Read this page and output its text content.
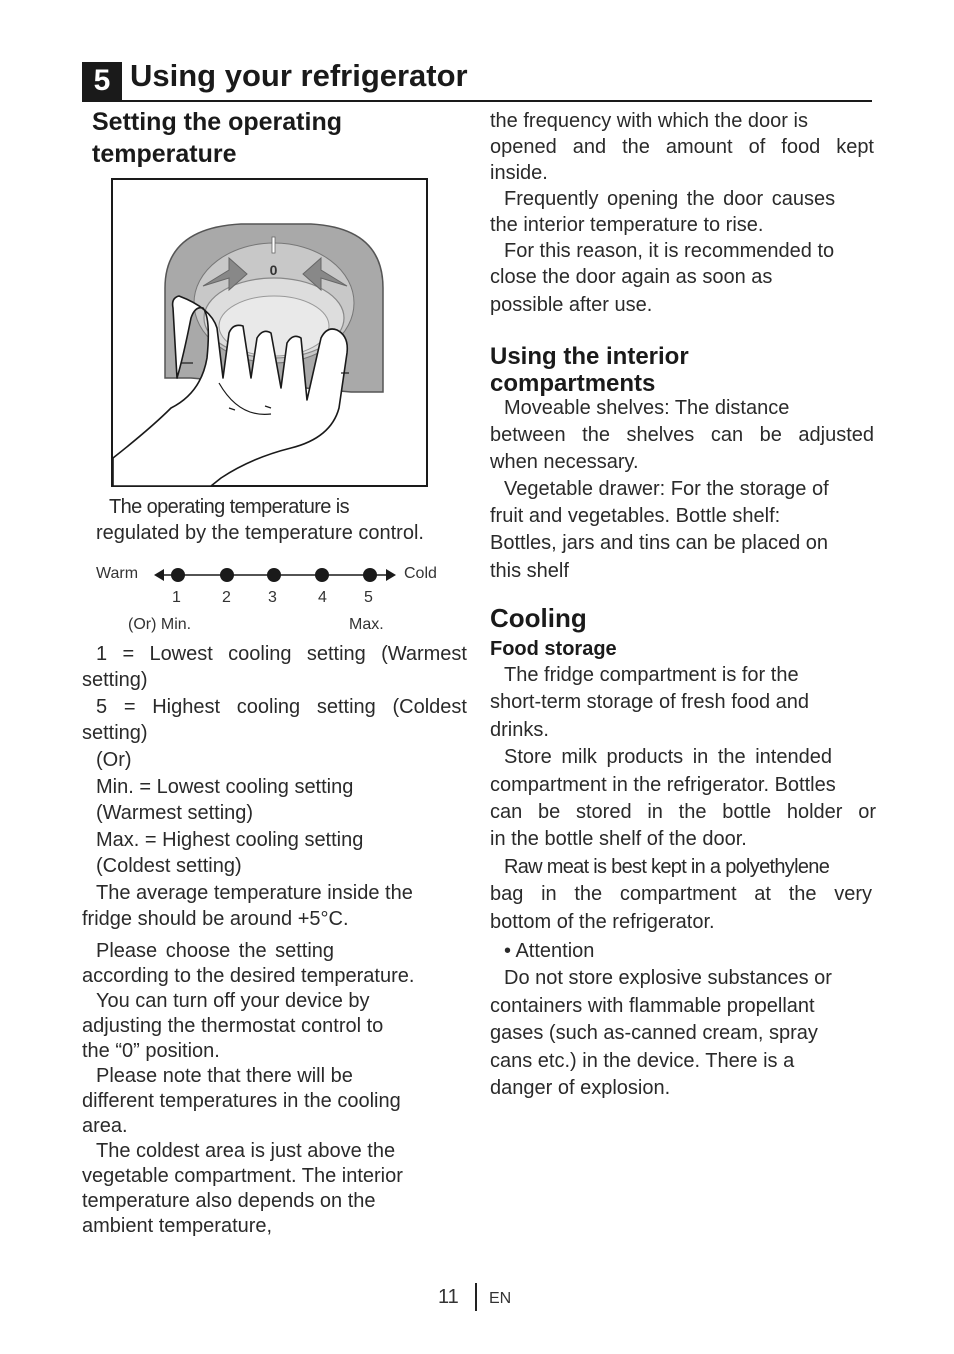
5 Using your refrigerator
Setting the operating
temperature
0
The operating temperature is
regulated by the temperature control.
Warm	Cold
1	2 3	4 5
(Or) Min.	Max.
1 = Lowest cooling setting (Warmest
setting)
5 = Highest cooling setting (Coldest
setting)
(Or)
Min. = Lowest cooling setting
(Warmest setting)
Max. = Highest cooling setting
(Coldest setting)
The average temperature inside the
fridge should be around +5°C.
Please choose the setting
according to the desired temperature.
You can turn off your device by
adjusting the thermostat control to
the “0” position.
Please note that there will be
different temperatures in the cooling
area.
The coldest area is just above the
vegetable compartment. The interior
temperature also depends on the
ambient temperature,
the frequency with which the door is
opened and the amount of food kept
inside.
Frequently opening the door causes
the interior temperature to rise.
For this reason, it is recommended to
close the door again as soon as
possible after use.
Using the interior
compartments
Moveable shelves: The distance
between the shelves can be adjusted
when necessary.
Vegetable drawer: For the storage of
fruit and vegetables. Bottle shelf:
Bottles, jars and tins can be placed on
this shelf
Cooling
Food storage
The fridge compartment is for the
short-term storage of fresh food and
drinks.
Store milk products in the intended
compartment in the refrigerator. Bottles
can be stored in the bottle holder or
in the bottle shelf of the door.
Raw meat is best kept in a polyethylene
bag in the compartment at the very
bottom of the refrigerator.
• Attention
Do not store explosive substances or
containers with flammable propellant
gases (such as-canned cream, spray
cans etc.) in the device. There is a
danger of explosion.
11 EN
